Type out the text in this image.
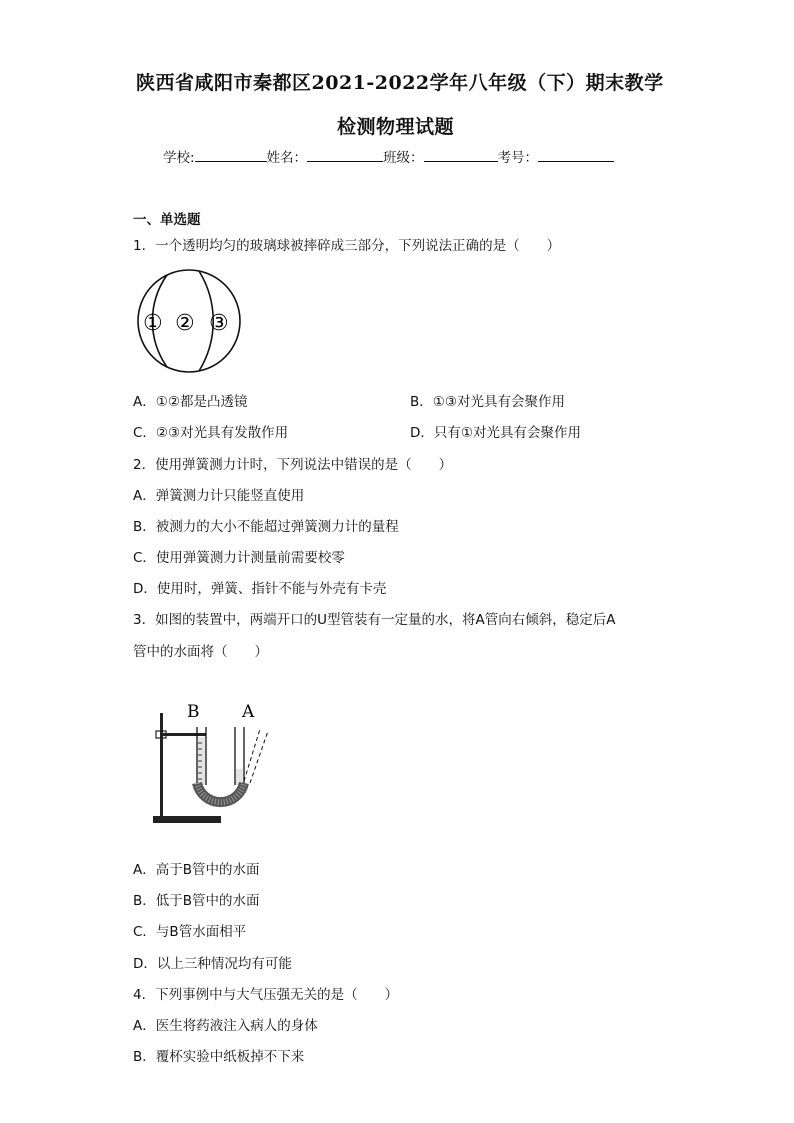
陕西省咸阳市秦都区2021-2022学年八年级（下）期末教学
检测物理试题
学校:	姓名：	班级：	考号：
一、单选题
1．一个透明均匀的玻璃球被摔碎成三部分，下列说法正确的是（　　）
① ② ③
A．①②都是凸透镜	B．①③对光具有会聚作用
C．②③对光具有发散作用	D．只有①对光具有会聚作用
2．使用弹簧测力计时，下列说法中错误的是（　　）
A．弹簧测力计只能竖直使用
B．被测力的大小不能超过弹簧测力计的量程
C．使用弹簧测力计测量前需要校零
D．使用时，弹簧、指针不能与外壳有卡壳
3．如图的装置中，两端开口的U型管装有一定量的水，将A管向右倾斜，稳定后A
管中的水面将（　　）
B	A
A．高于B管中的水面
B．低于B管中的水面
C．与B管水面相平
D．以上三种情况均有可能
4．下列事例中与大气压强无关的是（　　）
A．医生将药液注入病人的身体
B．覆杯实验中纸板掉不下来
